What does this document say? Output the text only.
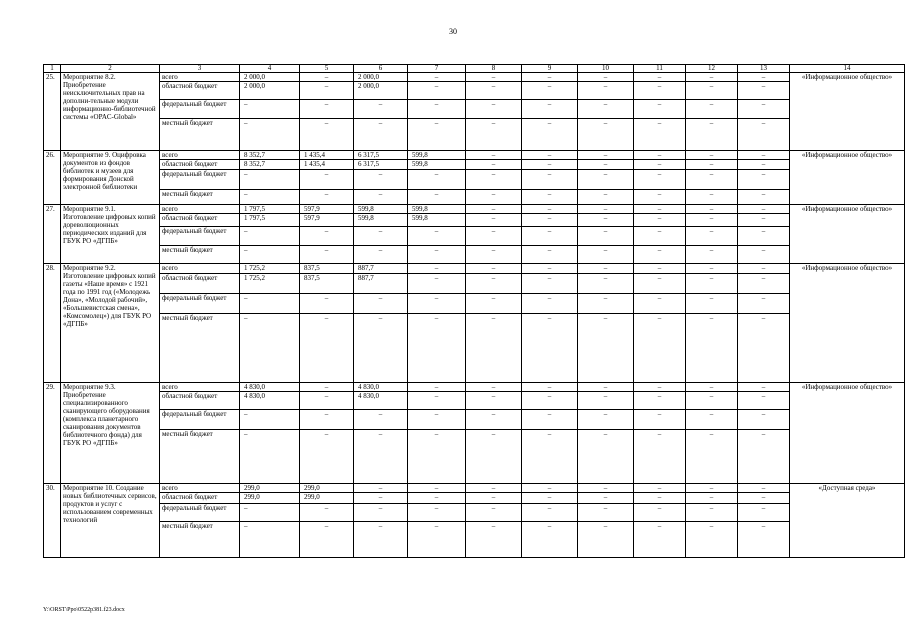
30
1	2	3	4	5	6	7	8	9	10	11	12	13	14
25.	Мероприятие 8.2. Приобретение неисключительных прав на дополни-тельные модули информационно-библиотечной системы «OPAC-Global»	всего	2 000,0	–	2 000,0	–	–	–	–	–	–	–	«Информационное общество»
		областной бюджет	2 000,0	–	2 000,0	–	–	–	–	–	–	–	
		федеральный бюджет	–	–	–	–	–	–	–	–	–	–	
		местный бюджет	–	–	–	–	–	–	–	–	–	–	
26.	Мероприятие 9. Оцифровка документов из фондов библиотек и музеев для формирования Донской электронной библиотеки	всего	8 352,7	1 435,4	6 317,5	599,8	–	–	–	–	–	–	«Информационное общество»
		областной бюджет	8 352,7	1 435,4	6 317,5	599,8	–	–	–	–	–	–	
		федеральный бюджет	–	–	–	–	–	–	–	–	–	–	
		местный бюджет	–	–	–	–	–	–	–	–	–	–	
27.	Мероприятие 9.1. Изготовление цифровых копий дореволюционных периодических изданий для ГБУК РО «ДГПБ»	всего	1 797,5	597,9	599,8	599,8	–	–	–	–	–	–	«Информационное общество»
		областной бюджет	1 797,5	597,9	599,8	599,8	–	–	–	–	–	–	
		федеральный бюджет	–	–	–	–	–	–	–	–	–	–	
		местный бюджет	–	–	–	–	–	–	–	–	–	–	
28.	Мероприятие 9.2. Изготовление цифровых копий газеты «Наше время» с 1921 года по 1991 год («Молодежь Дона», «Молодой рабочий», «Большевистская смена», «Комсомолец») для ГБУК РО «ДГПБ»	всего	1 725,2	837,5	887,7	–	–	–	–	–	–	–	«Информационное общество»
		областной бюджет	1 725,2	837,5	887,7	–	–	–	–	–	–	–	
		федеральный бюджет	–	–	–	–	–	–	–	–	–	–	
		местный бюджет	–	–	–	–	–	–	–	–	–	–	
29.	Мероприятие 9.3. Приобретение специализированного сканирующего оборудования (комплекса планетарного сканирования документов библиотечного фонда) для ГБУК РО «ДГПБ»	всего	4 830,0	–	4 830,0	–	–	–	–	–	–	–	«Информационное общество»
		областной бюджет	4 830,0	–	4 830,0	–	–	–	–	–	–	–	
		федеральный бюджет	–	–	–	–	–	–	–	–	–	–	
		местный бюджет	–	–	–	–	–	–	–	–	–	–	
30.	Мероприятие 10. Создание новых библиотечных сервисов, продуктов и услуг с использованием современных технологий	всего	299,0	299,0	–	–	–	–	–	–	–	–	«Доступная среда»
		областной бюджет	299,0	299,0	–	–	–	–	–	–	–	–	
		федеральный бюджет	–	–	–	–	–	–	–	–	–	–	
		местный бюджет	–	–	–	–	–	–	–	–	–	–	
Y:\ORST\Ppo\0522p381.f23.docx
